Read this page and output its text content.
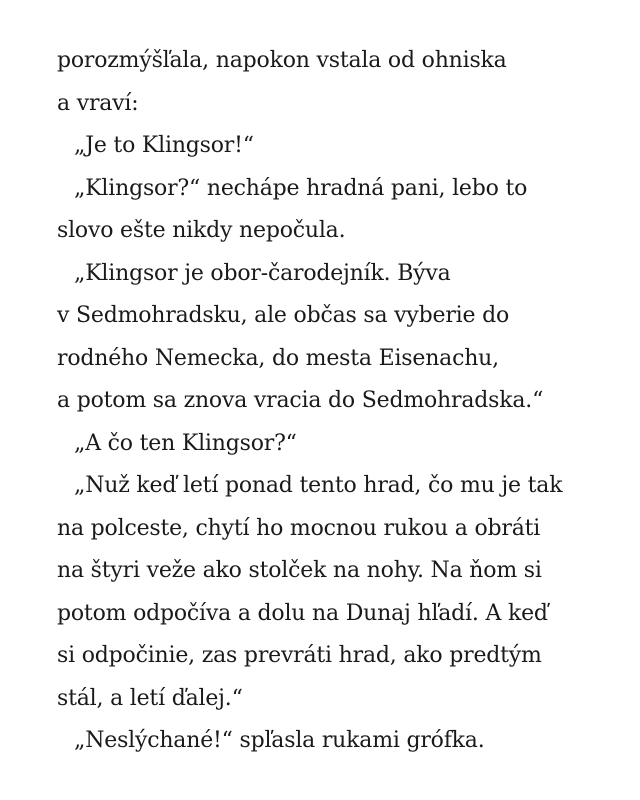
porozmýšľala, napokon vstala od ohniska
a vraví:
„Je to Klingsor!“
„Klingsor?“ nechápe hradná pani, lebo to
slovo ešte nikdy nepočula.
„Klingsor je obor-čarodejník. Býva
v Sedmohradsku, ale občas sa vyberie do
rodného Nemecka, do mesta Eisenachu,
a potom sa znova vracia do Sedmohradska.“
„A čo ten Klingsor?“
„Nuž keď letí ponad tento hrad, čo mu je tak
na polceste, chytí ho mocnou rukou a obráti
na štyri veže ako stolček na nohy. Na ňom si
potom odpočíva a dolu na Dunaj hľadí. A keď
si odpočinie, zas prevráti hrad, ako predtým
stál, a letí ďalej.“
„Neslýchané!“ spľasla rukami grófka.
